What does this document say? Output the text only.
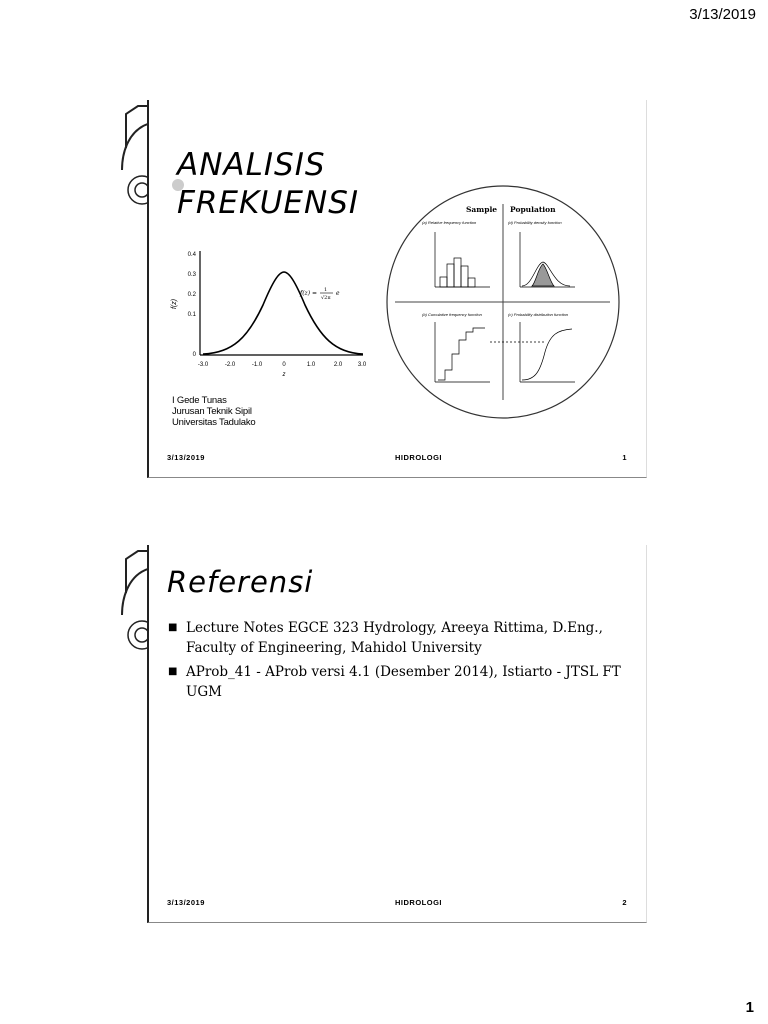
3/13/2019
ANALISIS
FREKUENSI
0.4
0.3
0.2
0.1
0
f(z)
-3.0	-2.0	-1.0	0	1.0	2.0	3.0
z
f(z) = 1
√2π
e
Sample Population
(a) Relative frequency function	(d) Probability density function
(b) Cumulative frequency function	(c) Probability distribution function
I Gede Tunas
Jurusan Teknik Sipil
Universitas Tadulako
3/13/2019	HIDROLOGI	1
Referensi
■ Lecture Notes EGCE 323 Hydrology, Areeya Rittima, D.Eng., Faculty of Engineering, Mahidol University
■ AProb_41 - AProb versi 4.1 (Desember 2014), Istiarto - JTSL FT UGM
3/13/2019	HIDROLOGI	2
1
